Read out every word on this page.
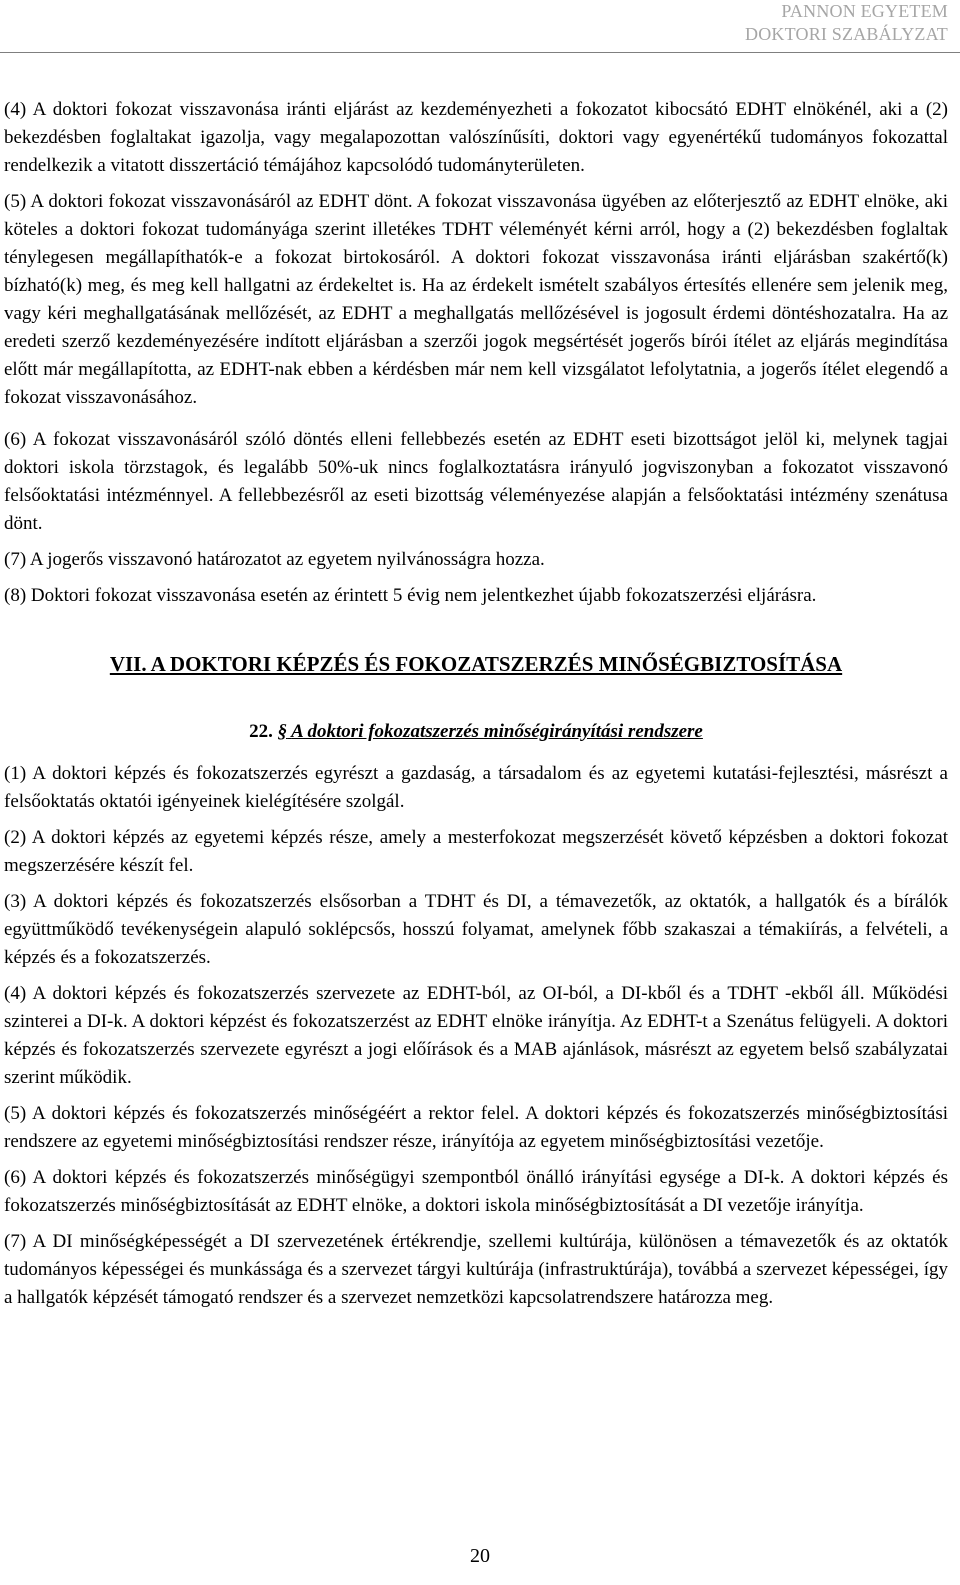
PANNON EGYETEM
DOKTORI SZABÁLYZAT

(4) A doktori fokozat visszavonása iránti eljárást az kezdeményezheti a fokozatot kibocsátó EDHT elnökénél, aki a (2) bekezdésben foglaltakat igazolja, vagy megalapozottan valószínűsíti, doktori vagy egyenértékű tudományos fokozattal rendelkezik a vitatott disszertáció témájához kapcsolódó tudományterületen.

(5) A doktori fokozat visszavonásáról az EDHT dönt. A fokozat visszavonása ügyében az előterjesztő az EDHT elnöke, aki köteles a doktori fokozat tudományága szerint illetékes TDHT véleményét kérni arról, hogy a (2) bekezdésben foglaltak ténylegesen megállapíthatók-e a fokozat birtokosáról. A doktori fokozat visszavonása iránti eljárásban szakértő(k) bízható(k) meg, és meg kell hallgatni az érdekeltet is. Ha az érdekelt ismételt szabályos értesítés ellenére sem jelenik meg, vagy kéri meghallgatásának mellőzését, az EDHT a meghallgatás mellőzésével is jogosult érdemi döntéshozatalra. Ha az eredeti szerző kezdeményezésére indított eljárásban a szerzői jogok megsértését jogerős bírói ítélet az eljárás megindítása előtt már megállapította, az EDHT-nak ebben a kérdésben már nem kell vizsgálatot lefolytatnia, a jogerős ítélet elegendő a fokozat visszavonásához.

(6) A fokozat visszavonásáról szóló döntés elleni fellebbezés esetén az EDHT eseti bizottságot jelöl ki, melynek tagjai doktori iskola törzstagok, és legalább 50%-uk nincs foglalkoztatásra irányuló jogviszonyban a fokozatot visszavonó felsőoktatási intézménnyel. A fellebbezésről az eseti bizottság véleményezése alapján a felsőoktatási intézmény szenátusa dönt.

(7) A jogerős visszavonó határozatot az egyetem nyilvánosságra hozza.

(8) Doktori fokozat visszavonása esetén az érintett 5 évig nem jelentkezhet újabb fokozatszerzési eljárásra.

VII. A DOKTORI KÉPZÉS ÉS FOKOZATSZERZÉS MINŐSÉGBIZTOSÍTÁSA
22. § A doktori fokozatszerzés minőségirányítási rendszere

(1) A doktori képzés és fokozatszerzés egyrészt a gazdaság, a társadalom és az egyetemi kutatási-fejlesztési, másrészt a felsőoktatás oktatói igényeinek kielégítésére szolgál.

(2) A doktori képzés az egyetemi képzés része, amely a mesterfokozat megszerzését követő képzésben a doktori fokozat megszerzésére készít fel.

(3) A doktori képzés és fokozatszerzés elsősorban a TDHT és DI, a témavezetők, az oktatók, a hallgatók és a bírálók együttműködő tevékenységein alapuló soklépcsős, hosszú folyamat, amelynek főbb szakaszai a témakiírás, a felvételi, a képzés és a fokozatszerzés.

(4) A doktori képzés és fokozatszerzés szervezete az EDHT-ból, az OI-ból, a DI-kből és a TDHT -ekből áll. Működési szinterei a DI-k. A doktori képzést és fokozatszerzést az EDHT elnöke irányítja. Az EDHT-t a Szenátus felügyeli. A doktori képzés és fokozatszerzés szervezete egyrészt a jogi előírások és a MAB ajánlások, másrészt az egyetem belső szabályzatai szerint működik.

(5) A doktori képzés és fokozatszerzés minőségéért a rektor felel. A doktori képzés és fokozatszerzés minőségbiztosítási rendszere az egyetemi minőségbiztosítási rendszer része, irányítója az egyetem minőségbiztosítási vezetője.

(6) A doktori képzés és fokozatszerzés minőségügyi szempontból önálló irányítási egysége a DI-k. A doktori képzés és fokozatszerzés minőségbiztosítását az EDHT elnöke, a doktori iskola minőségbiztosítását a DI vezetője irányítja.

(7) A DI minőségképességét a DI szervezetének értékrendje, szellemi kultúrája, különösen a témavezetők és az oktatók tudományos képességei és munkássága és a szervezet tárgyi kultúrája (infrastruktúrája), továbbá a szervezet képességei, így a hallgatók képzését támogató rendszer és a szervezet nemzetközi kapcsolatrendszere határozza meg.

20
